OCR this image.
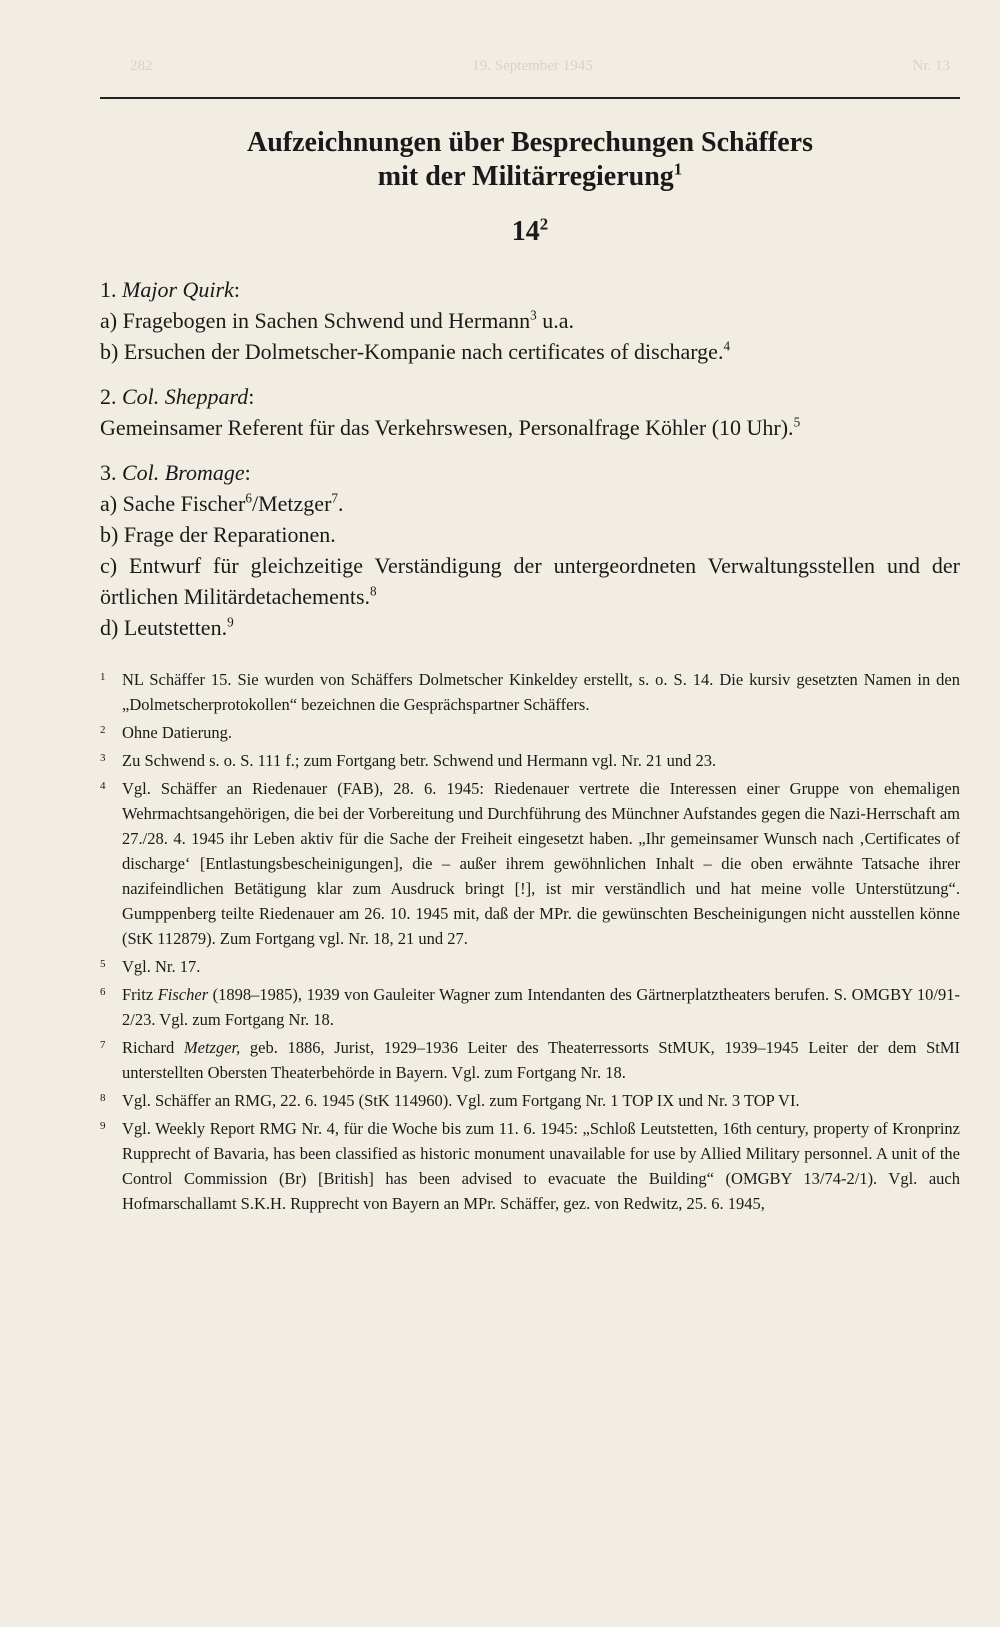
282	19. September 1945	Nr. 13
Aufzeichnungen über Besprechungen Schäffers
mit der Militärregierung$^1$
$14^2$
1. Major Quirk:
a) Fragebogen in Sachen Schwend und Hermann$^3$ u.a.
b) Ersuchen der Dolmetscher-Kompanie nach certificates of discharge.$^4$
2. Col. Sheppard:
Gemeinsamer Referent für das Verkehrswesen, Personalfrage Köhler (10 Uhr).$^5$
3. Col. Bromage:
a) Sache Fischer$^6$/Metzger$^7$.
b) Frage der Reparationen.
c) Entwurf für gleichzeitige Verständigung der untergeordneten Verwaltungsstellen und der örtlichen Militärdetachements.$^8$
d) Leutstetten.$^9$
1	NL Schäffer 15. Sie wurden von Schäffers Dolmetscher Kinkeldey erstellt, s. o. S. 14. Die kursiv gesetzten Namen in den „Dolmetscherprotokollen“ bezeichnen die Gesprächspartner Schäffers.
2	Ohne Datierung.
3	Zu Schwend s. o. S. 111 f.; zum Fortgang betr. Schwend und Hermann vgl. Nr. 21 und 23.
4	Vgl. Schäffer an Riedenauer (FAB), 28. 6. 1945: Riedenauer vertrete die Interessen einer Gruppe von ehemaligen Wehrmachtsangehörigen, die bei der Vorbereitung und Durchführung des Münchner Aufstandes gegen die Nazi-Herrschaft am 27./28. 4. 1945 ihr Leben aktiv für die Sache der Freiheit eingesetzt haben. „Ihr gemeinsamer Wunsch nach ‚Certificates of discharge‘ [Entlastungsbescheinigungen], die – außer ihrem gewöhnlichen Inhalt – die oben erwähnte Tatsache ihrer nazifeindlichen Betätigung klar zum Ausdruck bringt [!], ist mir verständlich und hat meine volle Unterstützung“. Gumppenberg teilte Riedenauer am 26. 10. 1945 mit, daß der MPr. die gewünschten Bescheinigungen nicht ausstellen könne (StK 112879). Zum Fortgang vgl. Nr. 18, 21 und 27.
5	Vgl. Nr. 17.
6	Fritz Fischer (1898–1985), 1939 von Gauleiter Wagner zum Intendanten des Gärtnerplatztheaters berufen. S. OMGBY 10/91-2/23. Vgl. zum Fortgang Nr. 18.
7	Richard Metzger, geb. 1886, Jurist, 1929–1936 Leiter des Theaterressorts StMUK, 1939–1945 Leiter der dem StMI unterstellten Obersten Theaterbehörde in Bayern. Vgl. zum Fortgang Nr. 18.
8	Vgl. Schäffer an RMG, 22. 6. 1945 (StK 114960). Vgl. zum Fortgang Nr. 1 TOP IX und Nr. 3 TOP VI.
9	Vgl. Weekly Report RMG Nr. 4, für die Woche bis zum 11. 6. 1945: „Schloß Leutstetten, 16th century, property of Kronprinz Rupprecht of Bavaria, has been classified as historic monument unavailable for use by Allied Military personnel. A unit of the Control Commission (Br) [British] has been advised to evacuate the Building“ (OMGBY 13/74-2/1). Vgl. auch Hofmarschallamt S.K.H. Rupprecht von Bayern an MPr. Schäffer, gez. von Redwitz, 25. 6. 1945,
